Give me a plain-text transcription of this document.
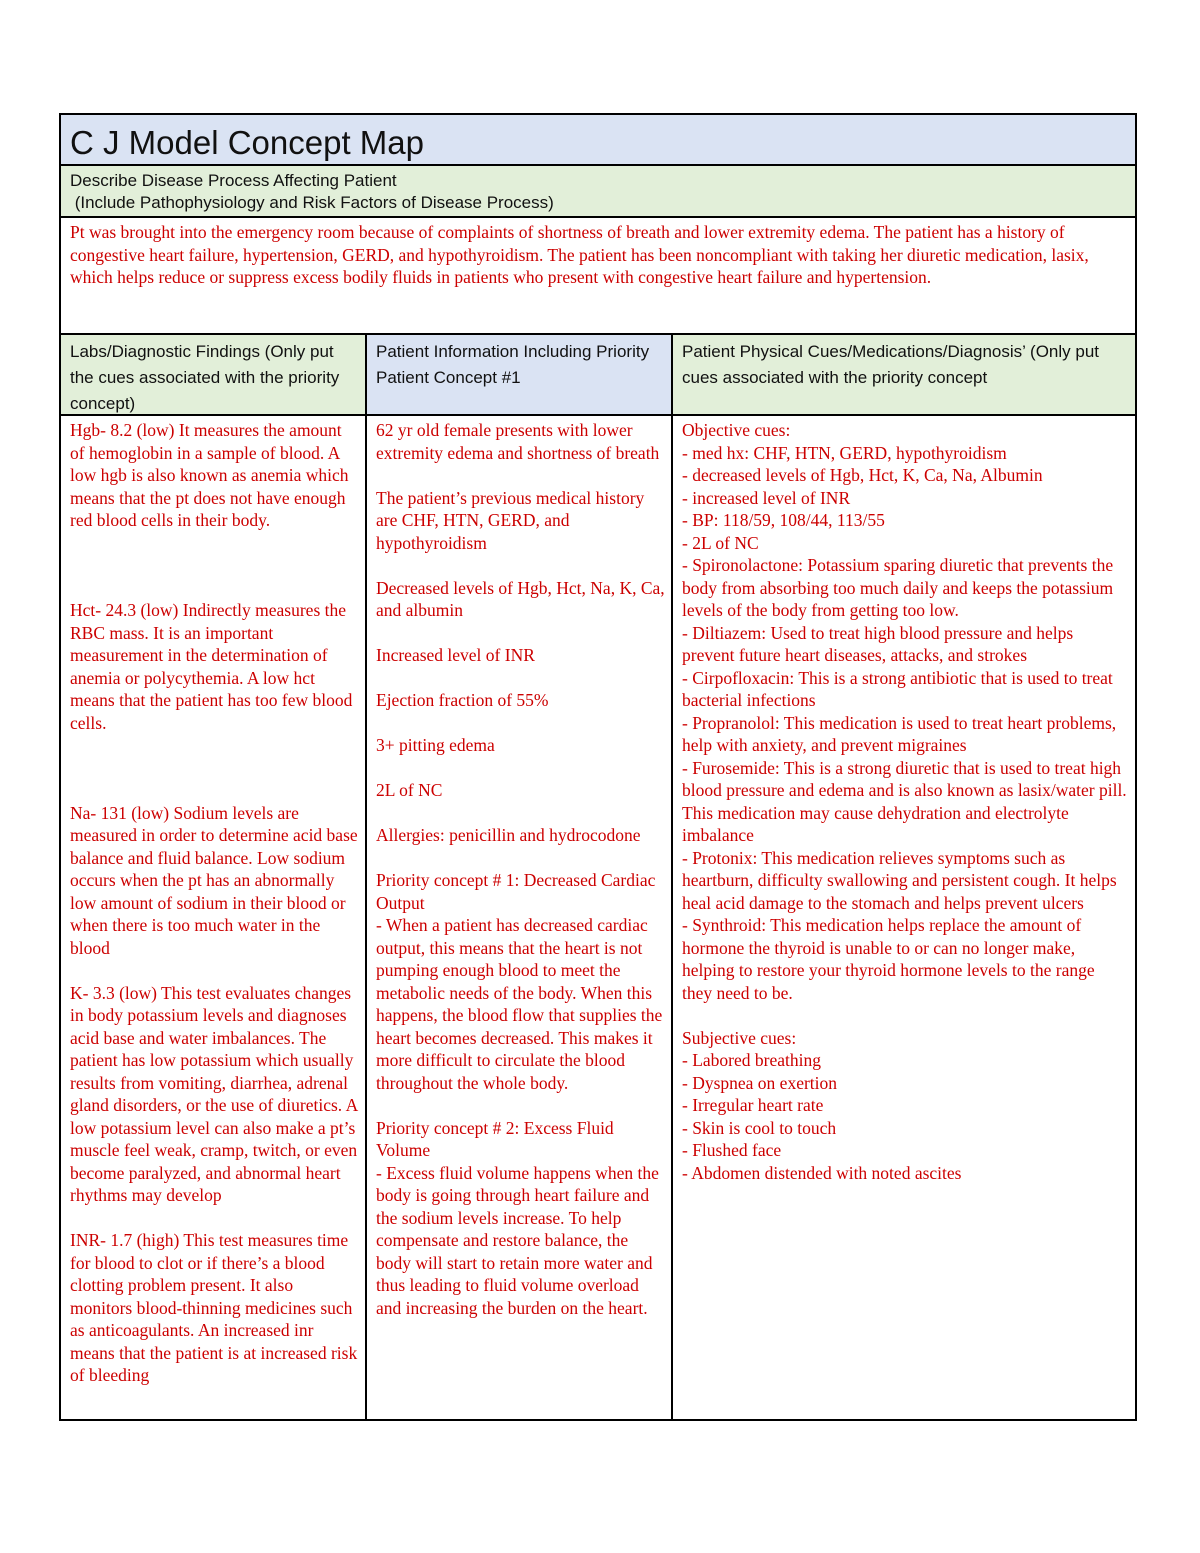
C J Model Concept Map
Describe Disease Process Affecting Patient
(Include Pathophysiology and Risk Factors of Disease Process)
Pt was brought into the emergency room because of complaints of shortness of breath and lower extremity edema. The patient has a history of congestive heart failure, hypertension, GERD, and hypothyroidism. The patient has been noncompliant with taking her diuretic medication, lasix, which helps reduce or suppress excess bodily fluids in patients who present with congestive heart failure and hypertension.
Labs/Diagnostic Findings (Only put the cues associated with the priority concept)

Hgb- 8.2 (low) It measures the amount of hemoglobin in a sample of blood. A low hgb is also known as anemia which means that the pt does not have enough red blood cells in their body.

Hct- 24.3 (low) Indirectly measures the RBC mass. It is an important measurement in the determination of anemia or polycythemia. A low hct means that the patient has too few blood cells.

Na- 131 (low) Sodium levels are measured in order to determine acid base balance and fluid balance. Low sodium occurs when the pt has an abnormally low amount of sodium in their blood or when there is too much water in the blood

K- 3.3 (low) This test evaluates changes in body potassium levels and diagnoses acid base and water imbalances. The patient has low potassium which usually results from vomiting, diarrhea, adrenal gland disorders, or the use of diuretics. A low potassium level can also make a pt’s muscle feel weak, cramp, twitch, or even become paralyzed, and abnormal heart rhythms may develop

INR- 1.7 (high) This test measures time for blood to clot or if there’s a blood clotting problem present. It also monitors blood-thinning medicines such as anticoagulants. An increased inr means that the patient is at increased risk of bleeding

Patient Information Including Priority Patient Concept #1

62 yr old female presents with lower extremity edema and shortness of breath

The patient’s previous medical history are CHF, HTN, GERD, and hypothyroidism

Decreased levels of Hgb, Hct, Na, K, Ca, and albumin

Increased level of INR

Ejection fraction of 55%

3+ pitting edema

2L of NC

Allergies: penicillin and hydrocodone

Priority concept # 1: Decreased Cardiac Output

- When a patient has decreased cardiac output, this means that the heart is not pumping enough blood to meet the metabolic needs of the body. When this happens, the blood flow that supplies the heart becomes decreased. This makes it more difficult to circulate the blood throughout the whole body.

Priority concept # 2: Excess Fluid Volume

- Excess fluid volume happens when the body is going through heart failure and the sodium levels increase. To help compensate and restore balance, the body will start to retain more water and thus leading to fluid volume overload and increasing the burden on the heart.

Patient Physical Cues/Medications/Diagnosis’ (Only put cues associated with the priority concept

Objective cues:

- med hx: CHF, HTN, GERD, hypothyroidism

- decreased levels of Hgb, Hct, K, Ca, Na, Albumin

- increased level of INR

- BP: 118/59, 108/44, 113/55

- 2L of NC

- Spironolactone: Potassium sparing diuretic that prevents the body from absorbing too much daily and keeps the potassium levels of the body from getting too low.

- Diltiazem: Used to treat high blood pressure and helps prevent future heart diseases, attacks, and strokes

- Cirpofloxacin: This is a strong antibiotic that is used to treat bacterial infections

- Propranolol: This medication is used to treat heart problems, help with anxiety, and prevent migraines

- Furosemide: This is a strong diuretic that is used to treat high blood pressure and edema and is also known as lasix/water pill. This medication may cause dehydration and electrolyte imbalance

- Protonix: This medication relieves symptoms such as heartburn, difficulty swallowing and persistent cough. It helps heal acid damage to the stomach and helps prevent ulcers

- Synthroid: This medication helps replace the amount of hormone the thyroid is unable to or can no longer make, helping to restore your thyroid hormone levels to the range they need to be.

Subjective cues:

- Labored breathing

- Dyspnea on exertion

- Irregular heart rate

- Skin is cool to touch

- Flushed face

- Abdomen distended with noted ascites
